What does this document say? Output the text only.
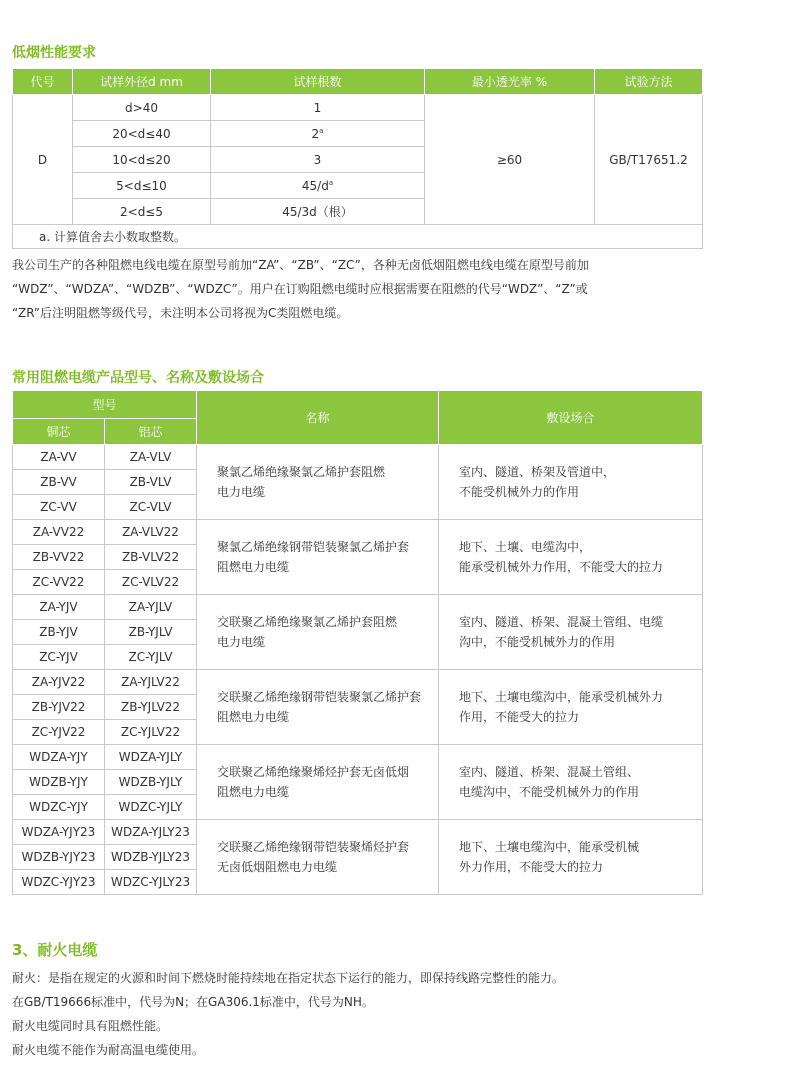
低烟性能要求
代号	试样外径d mm	试样根数	最小透光率 %	试验方法
D	d>40	1	≥60	GB/T17651.2
	20<d≤40	2$^a$
	10<d≤20	3		
	5<d≤10	$45/d^a$
	2<d≤5	45/3d（根）		
a. 计算值舍去小数取整数。				

我公司生产的各种阻燃电线电缆在原型号前加“ZA”、“ZB”、“ZC”，各种无卤低烟阻燃电线电缆在原型号前加
“WDZ”、“WDZA”、“WDZB”、“WDZC”。用户在订购阻燃电缆时应根据需要在阻燃的代号“WDZ”、“Z”或
“ZR”后注明阻燃等级代号，未注明本公司将视为C类阻燃电缆。

常用阻燃电缆产品型号、名称及敷设场合
型号		名称	敷设场合
铜芯	铝芯		
ZA-VV	ZA-VLV	聚氯乙烯绝缘聚氯乙烯护套阻燃
电力电缆	室内、隧道、桥架及管道中，
不能受机械外力的作用

ZB-VV	ZB-VLV		
ZC-VV	ZC-VLV		
ZA-VV22	ZA-VLV22	聚氯乙烯绝缘钢带铠装聚氯乙烯护套
阻燃电力电缆	地下、土壤、电缆沟中，
能承受机械外力作用，不能受大的拉力

ZB-VV22	ZB-VLV22		
ZC-VV22	ZC-VLV22		
ZA-YJV	ZA-YJLV	交联聚乙烯绝缘聚氯乙烯护套阻燃
电力电缆	室内、隧道、桥架、混凝土管组、电缆
沟中，不能受机械外力的作用

ZB-YJV	ZB-YJLV		
ZC-YJV	ZC-YJLV		
ZA-YJV22	ZA-YJLV22	交联聚乙烯绝缘钢带铠装聚氯乙烯护套
阻燃电力电缆	地下、土壤电缆沟中，能承受机械外力
作用，不能受大的拉力

ZB-YJV22	ZB-YJLV22		
ZC-YJV22	ZC-YJLV22		
WDZA-YJY	WDZA-YJLY	交联聚乙烯绝缘聚烯烃护套无卤低烟
阻燃电力电缆	室内、隧道、桥架、混凝土管组、
电缆沟中，不能受机械外力的作用

WDZB-YJY	WDZB-YJLY		
WDZC-YJY	WDZC-YJLY		
WDZA-YJY23	WDZA-YJLY23	交联聚乙烯绝缘钢带铠装聚烯烃护套
无卤低烟阻燃电力电缆	地下、土壤电缆沟中，能承受机械
外力作用，不能受大的拉力

WDZB-YJY23	WDZB-YJLY23		
WDZC-YJY23	WDZC-YJLY23		
3、耐火电缆

耐火：是指在规定的火源和时间下燃烧时能持续地在指定状态下运行的能力，即保持线路完整性的能力。
在GB/T19666标准中，代号为N；在GA306.1标准中，代号为NH。
耐火电缆同时具有阻燃性能。
耐火电缆不能作为耐高温电缆使用。
